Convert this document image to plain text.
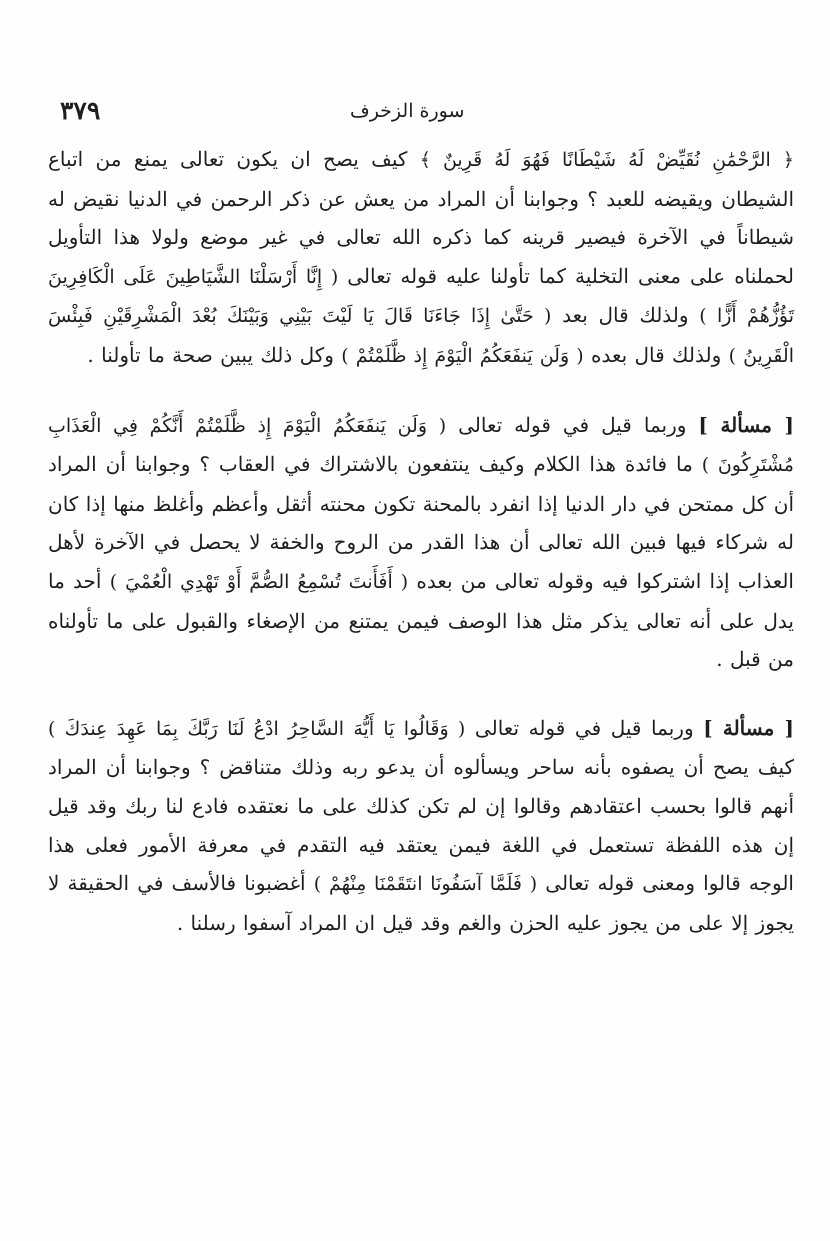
٣٧٩	سورة الزخرف

﴿ الرَّحْمَٰنِ نُقَيِّضْ لَهُ شَيْطَانًا فَهُوَ لَهُ قَرِينٌ ﴾ كيف يصح ان يكون تعالى يمنع من اتباع الشيطان ويقيضه للعبد ؟ وجوابنا أن المراد من يعش عن ذكر الرحمن في الدنيا نقيض له شيطاناً في الآخرة فيصير قرينه كما ذكره الله تعالى في غير موضع ولولا هذا التأويل لحملناه على معنى التخلية كما تأولنا عليه قوله تعالى ( إِنَّا أَرْسَلْنَا الشَّيَاطِينَ عَلَى الْكَافِرِينَ تَؤُزُّهُمْ أَزًّا ) ولذلك قال بعد ( حَتَّىٰ إِذَا جَاءَنَا قَالَ يَا لَيْتَ بَيْنِي وَبَيْنَكَ بُعْدَ الْمَشْرِقَيْنِ فَبِئْسَ الْقَرِينُ ) ولذلك قال بعده ( وَلَن يَنفَعَكُمُ الْيَوْمَ إِذ ظَّلَمْتُمْ ) وكل ذلك يبين صحة ما تأولنا .

[ مسألة ] وربما قيل في قوله تعالى ( وَلَن يَنفَعَكُمُ الْيَوْمَ إِذ ظَّلَمْتُمْ أَنَّكُمْ فِي الْعَذَابِ مُشْتَرِكُونَ ) ما فائدة هذا الكلام وكيف ينتفعون بالاشتراك في العقاب ؟ وجوابنا أن المراد أن كل ممتحن في دار الدنيا إذا انفرد بالمحنة تكون محنته أثقل وأعظم وأغلظ منها إذا كان له شركاء فيها فبين الله تعالى أن هذا القدر من الروح والخفة لا يحصل في الآخرة لأهل العذاب إذا اشتركوا فيه وقوله تعالى من بعده ( أَفَأَنتَ تُسْمِعُ الصُّمَّ أَوْ تَهْدِي الْعُمْيَ ) أحد ما يدل على أنه تعالى يذكر مثل هذا الوصف فيمن يمتنع من الإصغاء والقبول على ما تأولناه من قبل .

[ مسألة ] وربما قيل في قوله تعالى ( وَقَالُوا يَا أَيُّهَ السَّاحِرُ ادْعُ لَنَا رَبَّكَ بِمَا عَهِدَ عِندَكَ ) كيف يصح أن يصفوه بأنه ساحر ويسألوه أن يدعو ربه وذلك متناقض ؟ وجوابنا أن المراد أنهم قالوا بحسب اعتقادهم وقالوا إن لم تكن كذلك على ما نعتقده فادع لنا ربك وقد قيل إن هذه اللفظة تستعمل في اللغة فيمن يعتقد فيه التقدم في معرفة الأمور فعلى هذا الوجه قالوا ومعنى قوله تعالى ( فَلَمَّا آسَفُونَا انتَقَمْنَا مِنْهُمْ ) أغضبونا فالأسف في الحقيقة لا يجوز إلا على من يجوز عليه الحزن والغم وقد قيل ان المراد آسفوا رسلنا .
